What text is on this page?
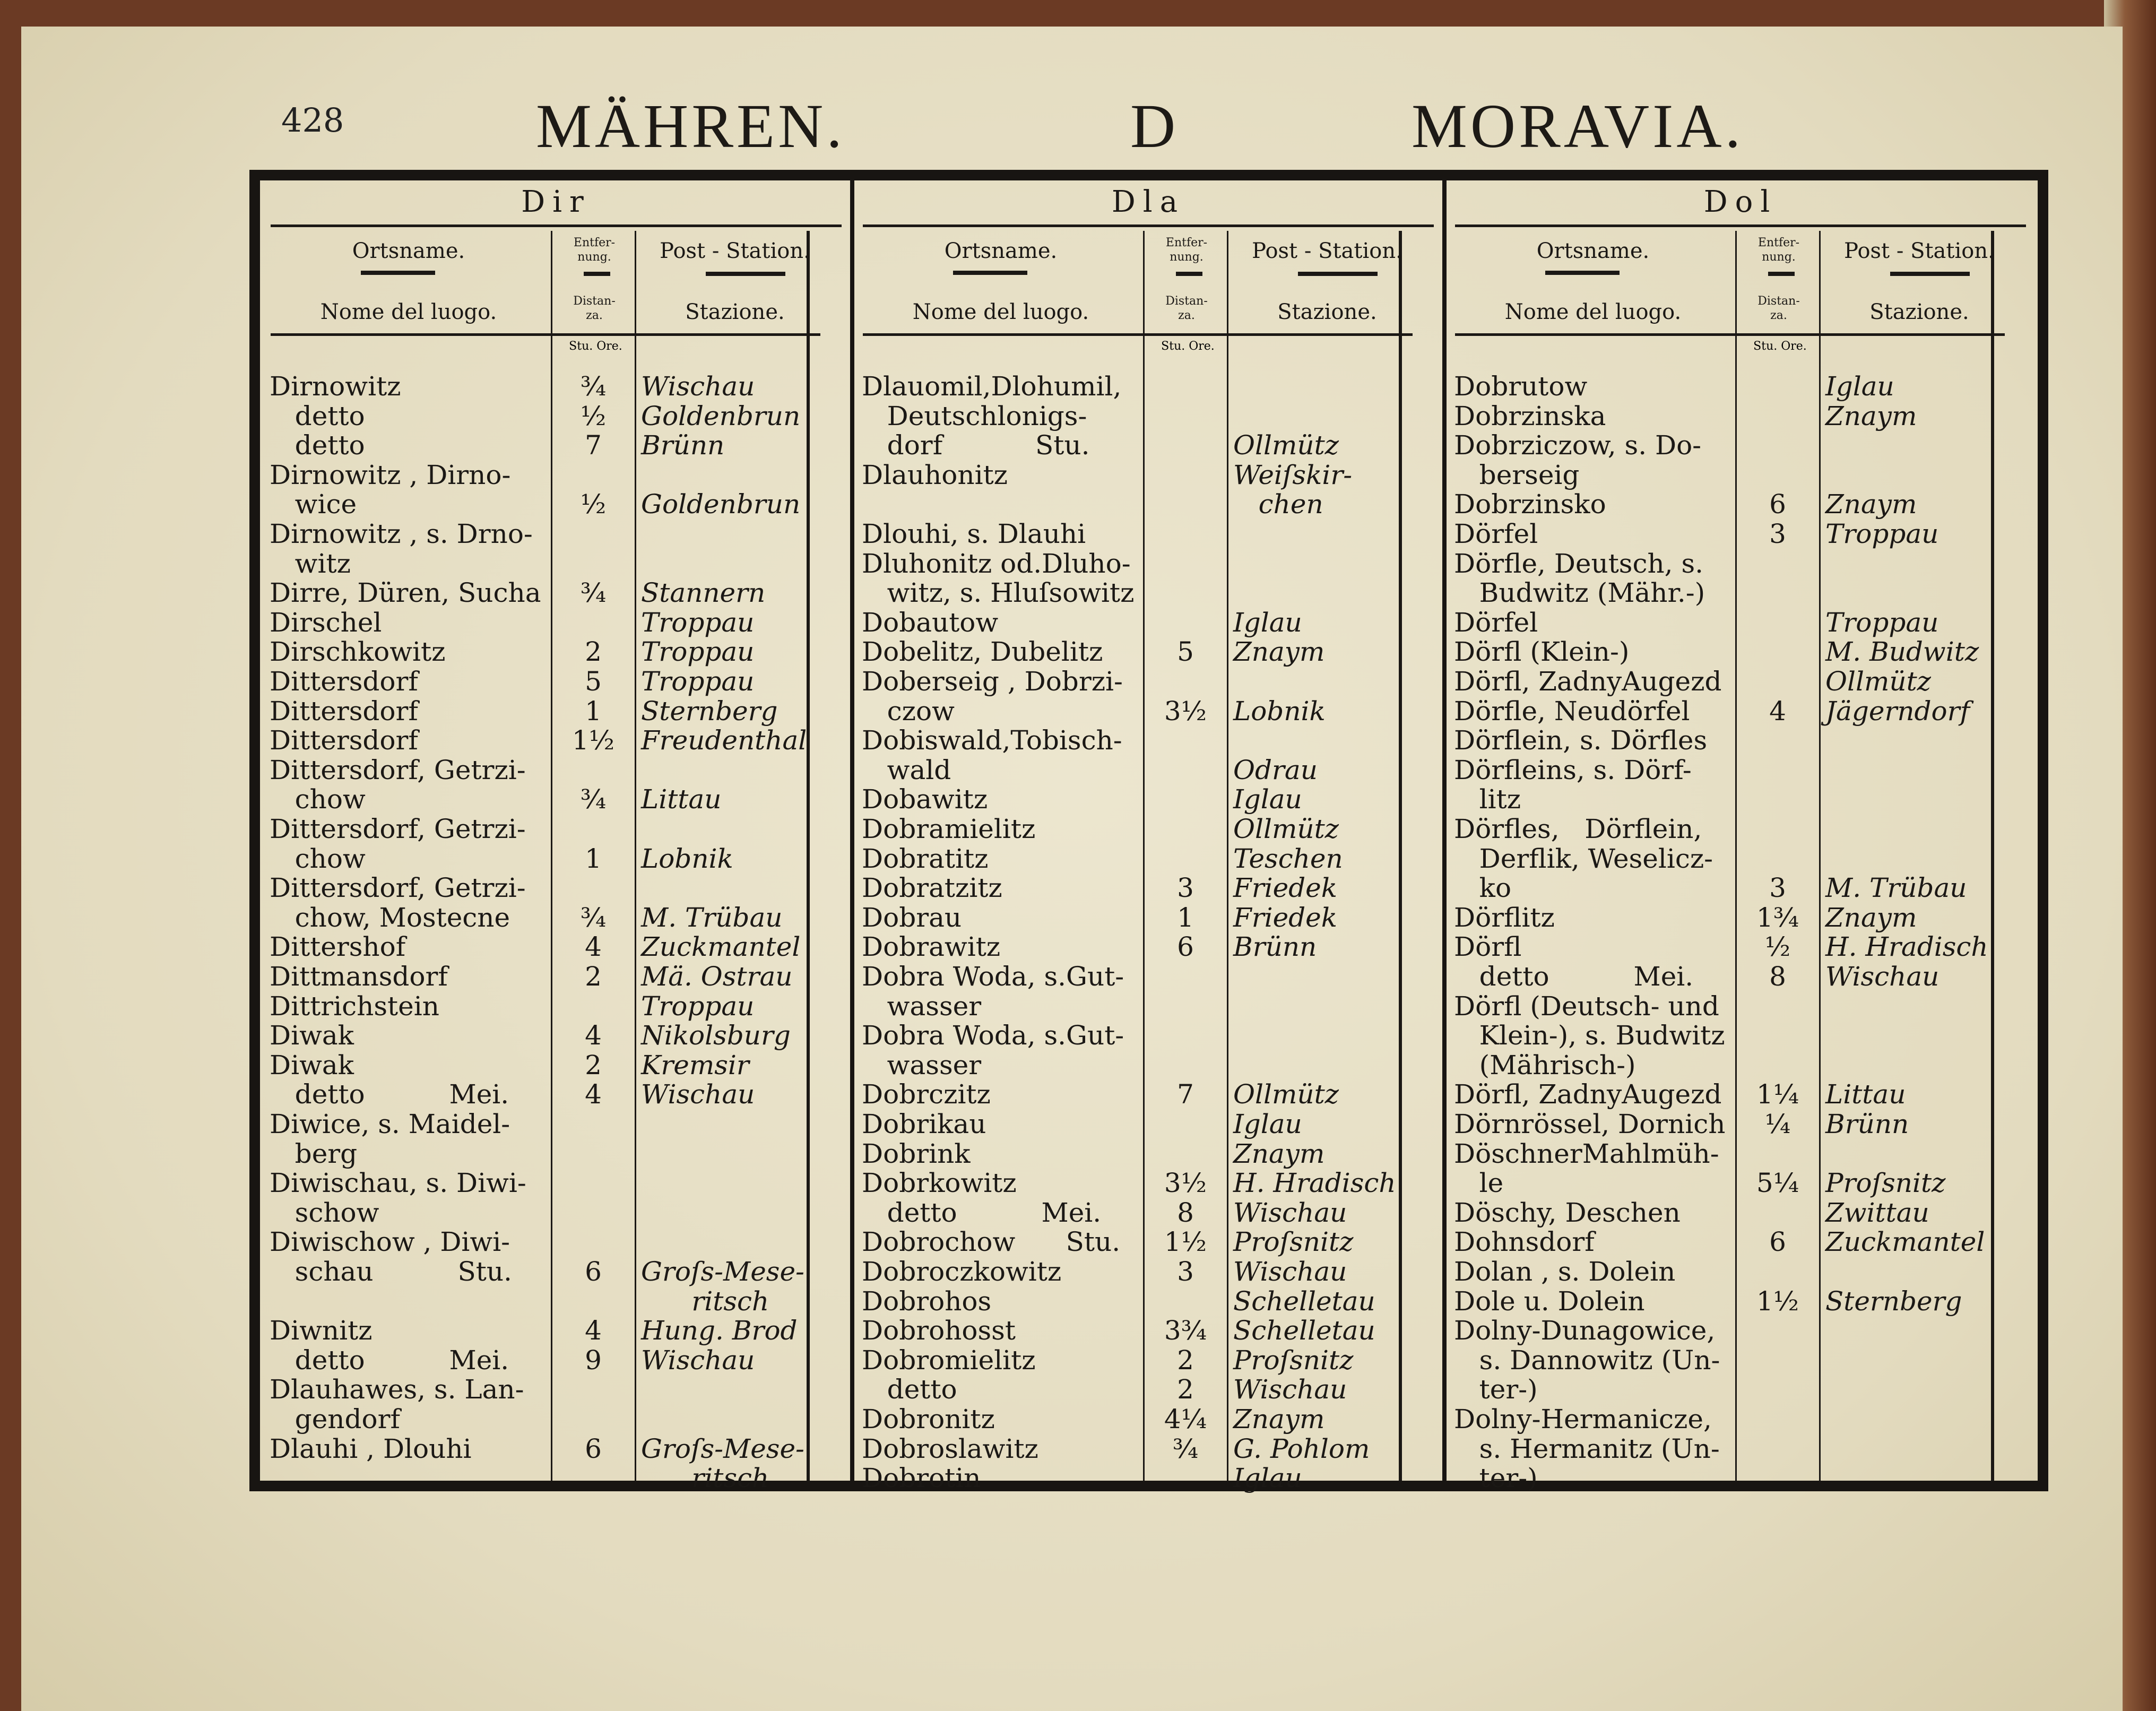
428	MÄHREN.	D	MORAVIA.
Dir
Ortsname.
Nome del luogo.
Entfer-
nung.
Distan-
za.
Post - Station.
Stazione.
Stu. Ore.
Dirnowitz	¾	Wischau
detto	½	Goldenbrun
detto	7	Brünn
Dirnowitz , Dirno-
wice	½	Goldenbrun
Dirnowitz , s. Drno-
witz
Dirre, Düren, Sucha	¾	Stannern
Dirschel	Troppau
Dirschkowitz	2	Troppau
Dittersdorf	5	Troppau
Dittersdorf	1	Sternberg
Dittersdorf	1½ Freudenthal
Dittersdorf, Getrzi-
chow	¾	Littau
Dittersdorf, Getrzi-
chow	1	Lobnik
Dittersdorf, Getrzi-
chow, Mostecne	¾	M. Trübau
Dittershof	4	Zuckmantel
Dittmansdorf	2	Mä. Ostrau
Dittrichstein	Troppau
Diwak	4	Nikolsburg
Diwak	2	Kremsir
detto          Mei.	4	Wischau
Diwice, s. Maidel-
berg
Diwischau, s. Diwi-
schow
Diwischow , Diwi-
schau          Stu.	6	Groſs-Mese-
ritsch
Diwnitz	4	Hung. Brod
detto          Mei.	9	Wischau
Dlauhawes, s. Lan-
gendorf
Dlauhi , Dlouhi	6	Groſs-Mese-
ritsch
Dla
Ortsname.
Nome del luogo.
Entfer-
nung.
Distan-
za.
Post - Station.
Stazione.
Stu. Ore.
Dlauomil,Dlohumil,
Deutschlonigs-
dorf           Stu.	Ollmütz
Dlauhonitz	Weiſskir-
chen
Dlouhi, s. Dlauhi
Dluhonitz od.Dluho-
witz, s. Hluſsowitz
Dobautow	Iglau
Dobelitz, Dubelitz	5	Znaym
Doberseig , Dobrzi-
czow	3½ Lobnik
Dobiswald,Tobisch-
wald	Odrau
Dobawitz	Iglau
Dobramielitz	Ollmütz
Dobratitz	Teschen
Dobratzitz	3	Friedek
Dobrau	1	Friedek
Dobrawitz	6	Brünn
Dobra Woda, s.Gut-
wasser
Dobra Woda, s.Gut-
wasser
Dobrczitz	7	Ollmütz
Dobrikau	Iglau
Dobrink	Znaym
Dobrkowitz	3½ H. Hradisch
detto          Mei.	8	Wischau
Dobrochow      Stu.	1½ Proſsnitz
Dobroczkowitz	3	Wischau
Dobrohos	Schelletau
Dobrohosst	3¾ Schelletau
Dobromielitz	2	Proſsnitz
detto	2	Wischau
Dobronitz	4¼ Znaym
Dobroslawitz	¾	G. Pohlom
Dobrotin	Iglau
Dol
Ortsname.
Nome del luogo.
Entfer-
nung.
Distan-
za.
Post - Station.
Stazione.
Stu. Ore.
Dobrutow	Iglau
Dobrzinska	Znaym
Dobrziczow, s. Do-
berseig
Dobrzinsko	6	Znaym
Dörfel	3	Troppau
Dörfle, Deutsch, s.
Budwitz (Mähr.-)
Dörfel	Troppau
Dörfl (Klein-)	M. Budwitz
Dörfl, ZadnyAugezd	Ollmütz
Dörfle, Neudörfel	4	Jägerndorf
Dörflein, s. Dörfles
Dörfleins, s. Dörf-
litz
Dörfles,   Dörflein,
Derflik, Weselicz-
ko	3	M. Trübau
Dörflitz	1¾ Znaym
Dörfl	½	H. Hradisch
detto          Mei.	8	Wischau
Dörfl (Deutsch- und
Klein-), s. Budwitz
(Mährisch-)
Dörfl, ZadnyAugezd	1¼ Littau
Dörnrössel, Dornich	¼	Brünn
DöschnerMahlmüh-
le	5¼ Proſsnitz
Döschy, Deschen	Zwittau
Dohnsdorf	6	Zuckmantel
Dolan , s. Dolein
Dole u. Dolein	1½ Sternberg
Dolny-Dunagowice,
s. Dannowitz (Un-
ter-)
Dolny-Hermanicze,
s. Hermanitz (Un-
ter-)
